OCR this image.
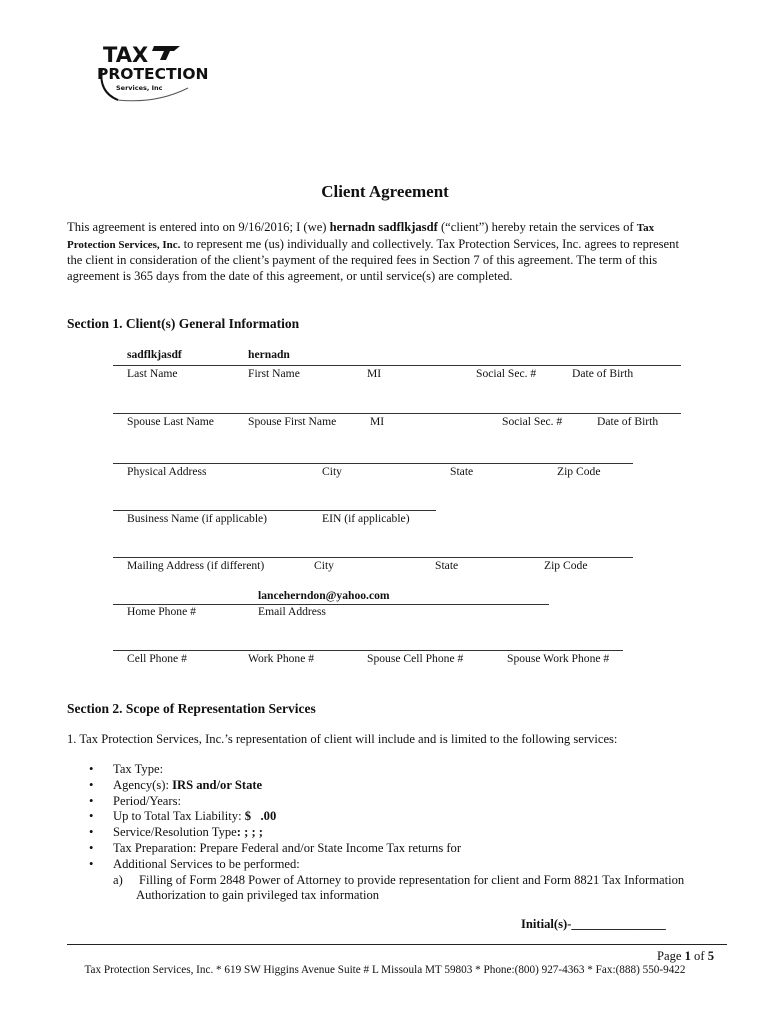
TAX
PROTECTION
Services, Inc
Client Agreement
This agreement is entered into on 9/16/2016; I (we) hernadn sadflkjasdf (“client”) hereby retain the services of Tax
Protection Services, Inc. to represent me (us) individually and collectively. Tax Protection Services, Inc. agrees to represent the client in consideration of the client’s payment of the required fees in Section 7 of this agreement. The term of this agreement is 365 days from the date of this agreement, or until service(s) are completed.
Section 1. Client(s) General Information
sadflkjasdf	hernadn
Last Name	First Name	MI	Social Sec. #	Date of Birth
Spouse Last Name	Spouse First Name	MI	Social Sec. #	Date of Birth
Physical Address	City	State	Zip Code
Business Name (if applicable)	EIN (if applicable)
Mailing Address (if different)	City	State	Zip Code
lanceherndon@yahoo.com
Home Phone #	Email Address
Cell Phone #	Work Phone #	Spouse Cell Phone #	Spouse Work Phone #
Section 2. Scope of Representation Services
1. Tax Protection Services, Inc.’s representation of client will include and is limited to the following services:
• Tax Type:
• Agency(s): IRS and/or State
• Period/Years:
• Up to Total Tax Liability: $   .00
• Service/Resolution Type: ; ; ;
• Tax Preparation: Prepare Federal and/or State Income Tax returns for
• Additional Services to be performed:
a) Filling of Form 2848 Power of Attorney to provide representation for client and Form 8821 Tax Information
Authorization to gain privileged tax information
Initial(s)-_______________
Page 1 of 5
Tax Protection Services, Inc. * 619 SW Higgins Avenue Suite # L Missoula MT 59803 * Phone:(800) 927-4363 * Fax:(888) 550-9422
